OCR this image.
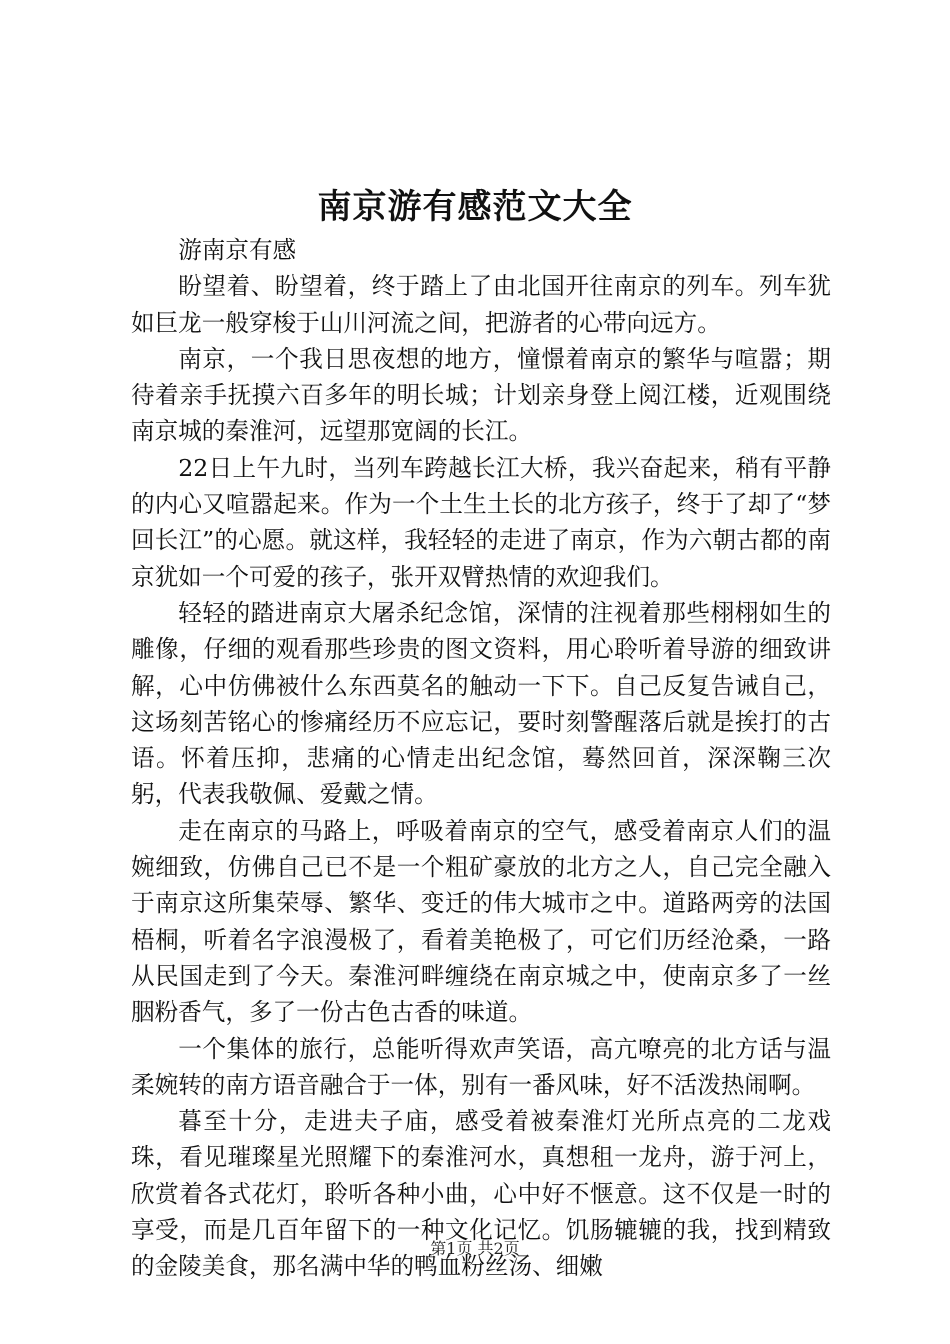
南京游有感范文大全

游南京有感

盼望着、盼望着，终于踏上了由北国开往南京的列车。列车犹如巨龙一般穿梭于山川河流之间，把游者的心带向远方。

南京，一个我日思夜想的地方，憧憬着南京的繁华与喧嚣；期待着亲手抚摸六百多年的明长城；计划亲身登上阅江楼，近观围绕南京城的秦淮河，远望那宽阔的长江。

22日上午九时，当列车跨越长江大桥，我兴奋起来，稍有平静的内心又喧嚣起来。作为一个土生土长的北方孩子，终于了却了“梦回长江”的心愿。就这样，我轻轻的走进了南京，作为六朝古都的南京犹如一个可爱的孩子，张开双臂热情的欢迎我们。

轻轻的踏进南京大屠杀纪念馆，深情的注视着那些栩栩如生的雕像，仔细的观看那些珍贵的图文资料，用心聆听着导游的细致讲解，心中仿佛被什么东西莫名的触动一下下。自己反复告诫自己，这场刻苦铭心的惨痛经历不应忘记，要时刻警醒落后就是挨打的古语。怀着压抑，悲痛的心情走出纪念馆，蓦然回首，深深鞠三次躬，代表我敬佩、爱戴之情。

走在南京的马路上，呼吸着南京的空气，感受着南京人们的温婉细致，仿佛自己已不是一个粗矿豪放的北方之人，自己完全融入于南京这所集荣辱、繁华、变迁的伟大城市之中。道路两旁的法国梧桐，听着名字浪漫极了，看着美艳极了，可它们历经沧桑，一路从民国走到了今天。秦淮河畔缠绕在南京城之中，使南京多了一丝胭粉香气，多了一份古色古香的味道。

一个集体的旅行，总能听得欢声笑语，高亢嘹亮的北方话与温柔婉转的南方语音融合于一体，别有一番风味，好不活泼热闹啊。

暮至十分，走进夫子庙，感受着被秦淮灯光所点亮的二龙戏珠，看见璀璨星光照耀下的秦淮河水，真想租一龙舟，游于河上，欣赏着各式花灯，聆听各种小曲，心中好不惬意。这不仅是一时的享受，而是几百年留下的一种文化记忆。饥肠辘辘的我，找到精致的金陵美食，那名满中华的鸭血粉丝汤、细嫩

第1页 共2页
